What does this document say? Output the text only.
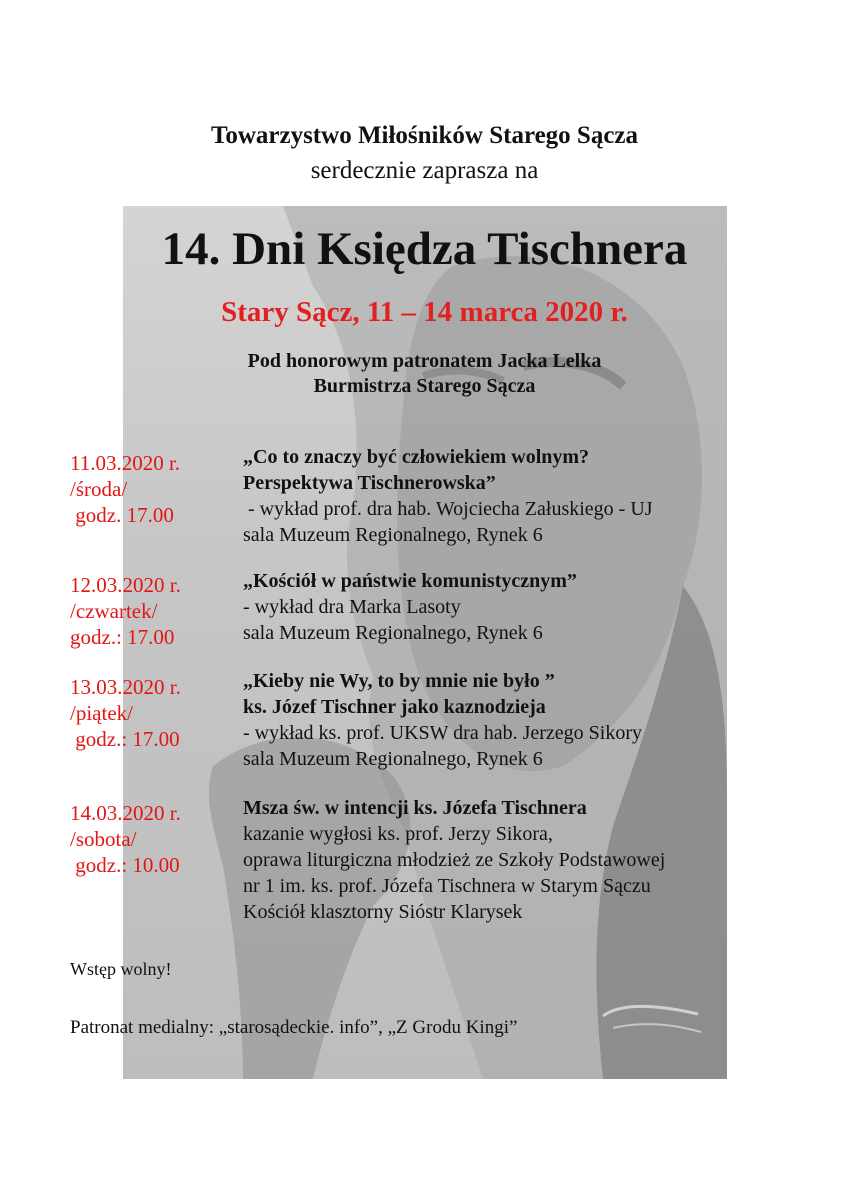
Towarzystwo Miłośników Starego Sącza
serdecznie zaprasza na
14. Dni Księdza Tischnera
Stary Sącz, 11 – 14 marca 2020 r.
Pod honorowym patronatem Jacka Lelka
Burmistrza Starego Sącza
11.03.2020 r.
/środa/
godz. 17.00
„Co to znaczy być człowiekiem wolnym?
Perspektywa Tischnerowska”
- wykład prof. dra hab. Wojciecha Załuskiego - UJ
sala Muzeum Regionalnego, Rynek 6
12.03.2020 r.
/czwartek/
godz.: 17.00
„Kościół w państwie komunistycznym”
- wykład dra Marka Lasoty
sala Muzeum Regionalnego, Rynek 6
13.03.2020 r.
/piątek/
godz.: 17.00
„Kieby nie Wy, to by mnie nie było ”
ks. Józef Tischner jako kaznodzieja
- wykład ks. prof. UKSW dra hab. Jerzego Sikory
sala Muzeum Regionalnego, Rynek 6
14.03.2020 r.
/sobota/
godz.: 10.00
Msza św. w intencji ks. Józefa Tischnera
kazanie wygłosi ks. prof. Jerzy Sikora,
oprawa liturgiczna młodzież ze Szkoły Podstawowej
nr 1 im. ks. prof. Józefa Tischnera w Starym Sączu
Kościół klasztorny Sióstr Klarysek
Wstęp wolny!
Patronat medialny: „starosądeckie. info”, „Z Grodu Kingi”
